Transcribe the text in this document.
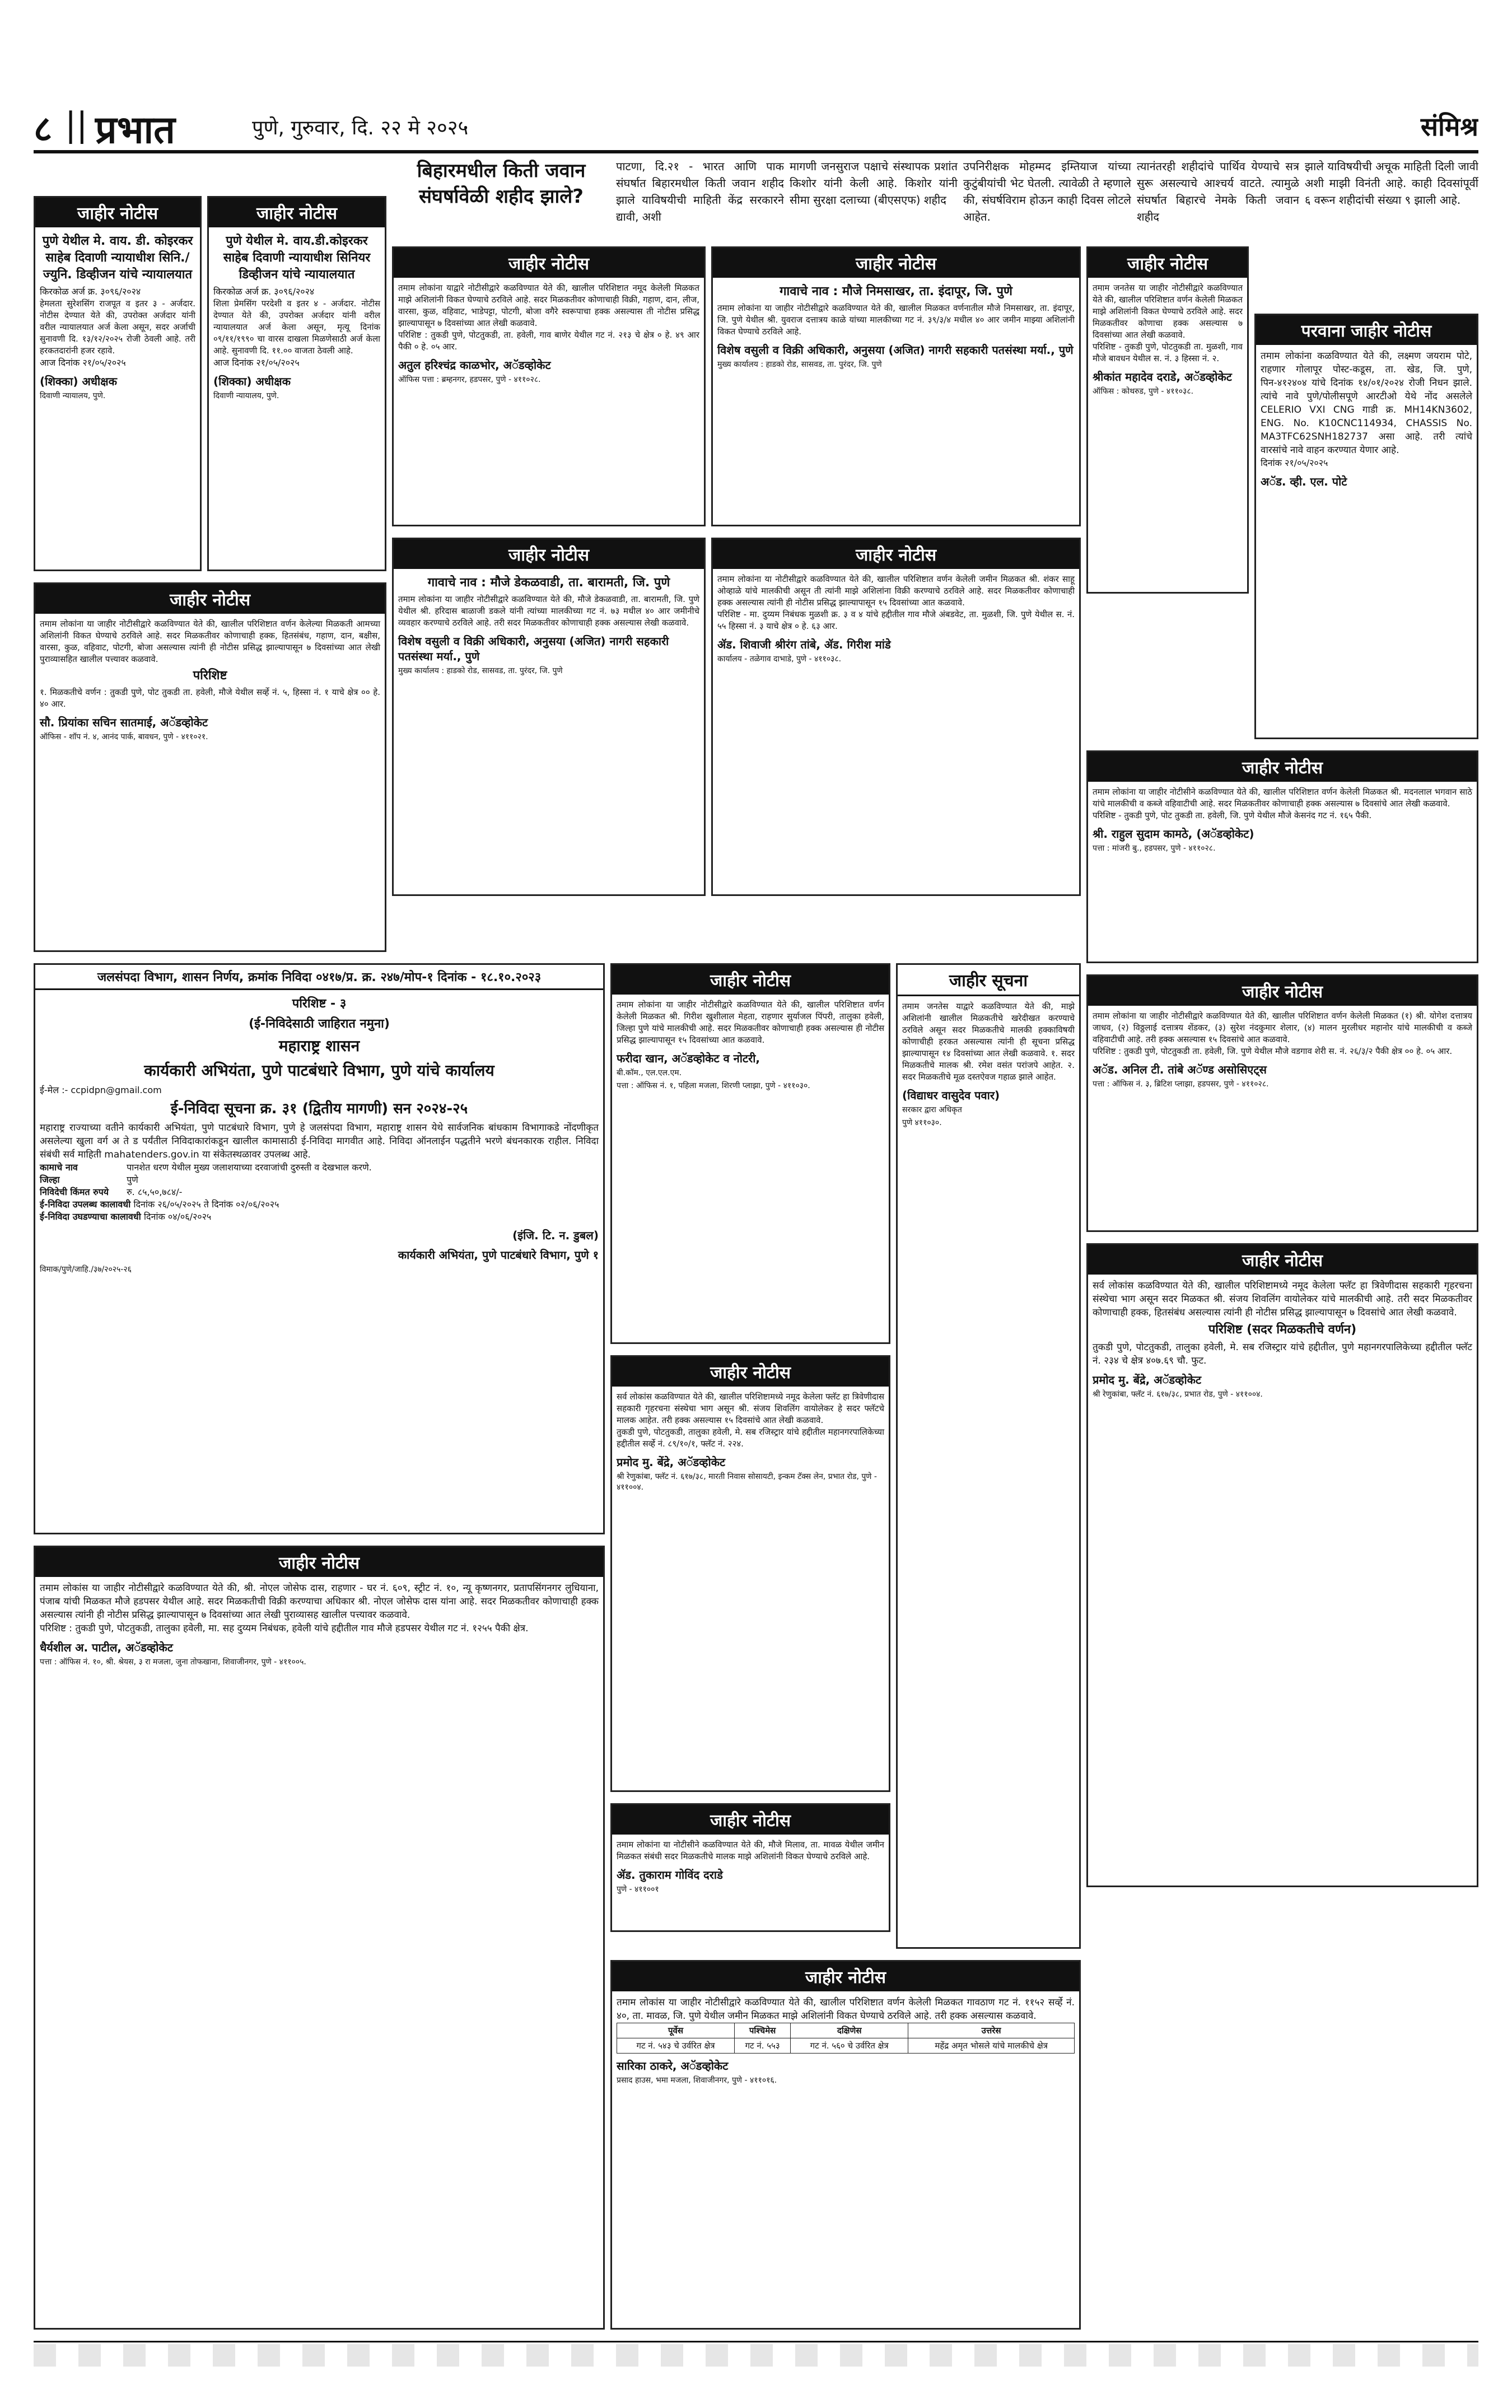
८ || प्रभात	पुणे, गुरुवार, दि. २२ मे २०२५	संमिश्र
बिहारमधील किती जवान संघर्षावेळी शहीद झाले?
पाटणा, दि.२१ - भारत आणि पाक संघर्षात बिहारमधील किती जवान शहीद झाले याविषयीची माहिती केंद्र सरकारने द्यावी, अशी
मागणी जनसुराज पक्षाचे संस्थापक प्रशांत किशोर यांनी केली आहे. किशोर यांनी सीमा सुरक्षा दलाच्या (बीएसएफ) शहीद
उपनिरीक्षक मोहम्मद इम्तियाज यांच्या कुटुंबीयांची भेट घेतली. त्यावेळी ते म्हणाले की, संघर्षविराम होऊन काही दिवस लोटले आहेत.
त्यानंतरही शहीदांचे पार्थिव येण्याचे सत्र सुरू असल्याचे आश्चर्य वाटते. त्यामुळे संघर्षात बिहारचे नेमके किती जवान शहीद
झाले याविषयीची अचूक माहिती दिली जावी अशी माझी विनंती आहे. काही दिवसांपूर्वी ६ वरून शहीदांची संख्या ९ झाली आहे.
जाहीर नोटीस
पुणे येथील मे. वाय. डी. कोइरकर साहेब दिवाणी न्यायाधीश सिनि./ ज्युनि. डिव्हीजन यांचे न्यायालयात
किरकोळ अर्ज क्र. ३०९६/२०२४
हेमलता सुरेशसिंग राजपूत व इतर ३ - अर्जदार. नोटीस देण्यात येते की, उपरोक्त अर्जदार यांनी वरील न्यायालयात अर्ज केला असून, सदर अर्जाची सुनावणी दि. १३/१२/२०२५ रोजी ठेवली आहे. तरी हरकतदारांनी हजर रहावे.
आज दिनांक २१/०५/२०२५
(शिक्का) अधीक्षक
दिवाणी न्यायालय, पुणे.
जाहीर नोटीस
पुणे येथील मे. वाय.डी.कोइरकर साहेब दिवाणी न्यायाधीश सिनियर डिव्हीजन यांचे न्यायालयात
किरकोळ अर्ज क्र. ३०९६/२०२४
शिला प्रेमसिंग परदेशी व इतर ४ - अर्जदार. नोटीस देण्यात येते की, उपरोक्त अर्जदार यांनी वरील न्यायालयात अर्ज केला असून, मृत्यू दिनांक ०९/११/१९९० चा वारस दाखला मिळणेसाठी अर्ज केला आहे. सुनावणी दि. ११.०० वाजता ठेवली आहे.
आज दिनांक २१/०५/२०२५
(शिक्का) अधीक्षक
दिवाणी न्यायालय, पुणे.
जाहीर नोटीस
तमाम लोकांना या जाहीर नोटीसीद्वारे कळविण्यात येते की, खालील परिशिष्टात वर्णन केलेल्या मिळकती आमच्या अशिलांनी विकत घेण्याचे ठरविले आहे. सदर मिळकतीवर कोणाचाही हक्क, हितसंबंध, गहाण, दान, बक्षीस, वारसा, कुळ, वहिवाट, पोटगी, बोजा असल्यास त्यांनी ही नोटीस प्रसिद्ध झाल्यापासून ७ दिवसांच्या आत लेखी पुराव्यासहित खालील पत्त्यावर कळवावे.
परिशिष्ट
१. मिळकतीचे वर्णन : तुकडी पुणे, पोट तुकडी ता. हवेली, मौजे येथील सर्व्हे नं. ५, हिस्सा नं. १ याचे क्षेत्र ०० हे. ४० आर.
सौ. प्रियांका सचिन सातमाई, अॅडव्होकेट
ऑफिस - शॉप नं. ४, आनंद पार्क, बावधन, पुणे - ४११०२१.
जाहीर नोटीस
तमाम लोकांना याद्वारे नोटीसीद्वारे कळविण्यात येते की, खालील परिशिष्टात नमूद केलेली मिळकत माझे अशिलांनी विकत घेण्याचे ठरविले आहे. सदर मिळकतीवर कोणाचाही विक्री, गहाण, दान, लीज, वारसा, कुळ, वहिवाट, भाडेपट्टा, पोटगी, बोजा वगैरे स्वरूपाचा हक्क असल्यास ती नोटीस प्रसिद्ध झाल्यापासून ७ दिवसांच्या आत लेखी कळवावे.
परिशिष्ट : तुकडी पुणे, पोटतुकडी, ता. हवेली, गाव बाणेर येथील गट नं. २१३ चे क्षेत्र ० हे. ४९ आर पैकी ० हे. ०५ आर.
अतुल हरिश्चंद्र काळभोर, अॅडव्होकेट
ऑफिस पत्ता : ब्रम्हनगर, हडपसर, पुणे - ४११०२८.
जाहीर नोटीस
गावाचे नाव : मौजे निमसाखर, ता. इंदापूर, जि. पुणे
तमाम लोकांना या जाहीर नोटीसीद्वारे कळविण्यात येते की, खालील मिळकत वर्णनातील मौजे निमसाखर, ता. इंदापूर, जि. पुणे येथील श्री. युवराज दत्तात्रय काळे यांच्या मालकीच्या गट नं. ३९/३/४ मधील ४० आर जमीन माझ्या अशिलांनी विकत घेण्याचे ठरविले आहे.
विशेष वसुली व विक्री अधिकारी, अनुसया (अजित) नागरी सहकारी पतसंस्था मर्या., पुणे
मुख्य कार्यालय : हाडको रोड, सासवड, ता. पुरंदर, जि. पुणे
जाहीर नोटीस
तमाम जनतेस या जाहीर नोटीसीद्वारे कळविण्यात येते की, खालील परिशिष्टात वर्णन केलेली मिळकत माझे अशिलांनी विकत घेण्याचे ठरविले आहे. सदर मिळकतीवर कोणाचा हक्क असल्यास ७ दिवसांच्या आत लेखी कळवावे.
परिशिष्ट - तुकडी पुणे, पोटतुकडी ता. मुळशी, गाव मौजे बावधन येथील स. नं. ३ हिस्सा नं. २.
श्रीकांत महादेव दराडे, अॅडव्होकेट
ऑफिस : कोथरुड, पुणे - ४११०३८.
परवाना जाहीर नोटीस
तमाम लोकांना कळविण्यात येते की, लक्ष्मण जयराम पोटे, राहणार गोलापूर पोस्ट-कडूस, ता. खेड, जि. पुणे, पिन-४१२४०४ यांचे दिनांक १४/०१/२०२४ रोजी निधन झाले. त्यांचे नावे पुणे/पोलीसपूणे आरटीओ येथे नोंद असलेले CELERIO VXI CNG गाडी क्र. MH14KN3602, ENG. No. K10CNC114934, CHASSIS No. MA3TFC62SNH182737 असा आहे. तरी त्यांचे वारसांचे नावे वाहन करण्यात येणार आहे.
दिनांक २१/०५/२०२५
अॅड. व्ही. एल. पोटे
जाहीर नोटीस
गावाचे नाव : मौजे डेकळवाडी, ता. बारामती, जि. पुणे
तमाम लोकांना या जाहीर नोटीसीद्वारे कळविण्यात येते की, मौजे डेकळवाडी, ता. बारामती, जि. पुणे येथील श्री. हरिदास बाळाजी डकले यांनी त्यांच्या मालकीच्या गट नं. ७३ मधील ४० आर जमीनीचे व्यवहार करण्याचे ठरविले आहे. तरी सदर मिळकतीवर कोणाचाही हक्क असल्यास लेखी कळवावे.
विशेष वसुली व विक्री अधिकारी, अनुसया (अजित) नागरी सहकारी पतसंस्था मर्या., पुणे
मुख्य कार्यालय : हाडको रोड, सासवड, ता. पुरंदर, जि. पुणे
जाहीर नोटीस
तमाम लोकांना या नोटीसीद्वारे कळविण्यात येते की, खालील परिशिष्टात वर्णन केलेली जमीन मिळकत श्री. शंकर साहू ओव्हाळे यांचे मालकीची असून ती त्यांनी माझे अशिलांना विक्री करण्याचे ठरविले आहे. सदर मिळकतीवर कोणाचाही हक्क असल्यास त्यांनी ही नोटीस प्रसिद्ध झाल्यापासून १५ दिवसांच्या आत कळवावे.
परिशिष्ट - मा. दुय्यम निबंधक मुळशी क्र. ३ व ४ यांचे हद्दीतील गाव मौजे अंबडवेट, ता. मुळशी, जि. पुणे येथील स. नं. ५५ हिस्सा नं. ३ याचे क्षेत्र ० हे. ६३ आर.
ॲड. शिवाजी श्रीरंग तांबे, ॲड. गिरीश मांडे
कार्यालय - तळेगाव दाभाडे, पुणे - ४११०३८.
जाहीर नोटीस
तमाम लोकांना या जाहीर नोटीसीने कळविण्यात येते की, खालील परिशिष्टात वर्णन केलेली मिळकत श्री. मदनलाल भगवान साठे यांचे मालकीची व कब्जे वहिवाटीची आहे. सदर मिळकतीवर कोणाचाही हक्क असल्यास ७ दिवसांचे आत लेखी कळवावे.
परिशिष्ट - तुकडी पुणे, पोट तुकडी ता. हवेली, जि. पुणे येथील मौजे केसनंद गट नं. १६५ पैकी.
श्री. राहुल सुदाम कामठे, (अॅडव्होकेट)
पत्ता : मांजरी बु., हडपसर, पुणे - ४११०२८.
जलसंपदा विभाग, शासन निर्णय, क्रमांक निविदा ०४१७/प्र. क्र. २४७/मोप-१ दिनांक - १८.१०.२०२३
परिशिष्ट - ३
(ई-निविदेसाठी जाहिरात नमुना)
महाराष्ट्र शासन
कार्यकारी अभियंता, पुणे पाटबंधारे विभाग, पुणे यांचे कार्यालय
ई-मेल :- ccpidpn@gmail.com
ई-निविदा सूचना क्र. ३१ (द्वितीय मागणी) सन २०२४-२५
महाराष्ट्र राज्याच्या वतीने कार्यकारी अभियंता, पुणे पाटबंधारे विभाग, पुणे हे जलसंपदा विभाग, महाराष्ट्र शासन येथे सार्वजनिक बांधकाम विभागाकडे नोंदणीकृत असलेल्या खुला वर्ग अ ते ड पर्यंतील निविदाकारांकडून खालील कामासाठी ई-निविदा मागवीत आहे. निविदा ऑनलाईन पद्धतीने भरणे बंधनकारक राहील. निविदा संबंधी सर्व माहिती mahatenders.gov.in या संकेतस्थळावर उपलब्ध आहे.
कामाचे नाव	पानशेत धरण येथील मुख्य जलाशयाच्या दरवाजांची दुरुस्ती व देखभाल करणे.
जिल्हा	पुणे
निविदेची किंमत रुपये रु. ८५,५०,७८४/-
ई-निविदा उपलब्ध कालावधी दिनांक २६/०५/२०२५ ते दिनांक ०२/०६/२०२५
ई-निविदा उघडण्याचा कालावधी दिनांक ०४/०६/२०२५
(इंजि. टि. न. डुबल)
कार्यकारी अभियंता, पुणे पाटबंधारे विभाग, पुणे १
विमाक/पुणे/जाहि./३७/२०२५-२६
जाहीर नोटीस
तमाम लोकांना या जाहीर नोटीसीद्वारे कळविण्यात येते की, खालील परिशिष्टात वर्णन केलेली मिळकत श्री. गिरीश खुशीलाल मेहता, राहणार सुर्याजल पिंपरी, तालुका हवेली, जिल्हा पुणे यांचे मालकीची आहे. सदर मिळकतीवर कोणाचाही हक्क असल्यास ही नोटीस प्रसिद्ध झाल्यापासून १५ दिवसांच्या आत कळवावे.
फरीदा खान, अॅडव्होकेट व नोटरी,
बी.कॉम., एल.एल.एम.
पत्ता : ऑफिस नं. १, पहिला मजला, शिरणी प्लाझा, पुणे - ४११०३०.
जाहीर सूचना
तमाम जनतेस याद्वारे कळविण्यात येते की, माझे अशिलांनी खालील मिळकतीचे खरेदीखत करण्याचे ठरविले असून सदर मिळकतीचे मालकी हक्काविषयी कोणाचीही हरकत असल्यास त्यांनी ही सूचना प्रसिद्ध झाल्यापासून १४ दिवसांच्या आत लेखी कळवावे. १. सदर मिळकतीचे मालक श्री. रमेश वसंत परांजपे आहेत. २. सदर मिळकतीचे मूळ दस्तऐवज गहाळ झाले आहेत.
(विद्याधर वासुदेव पवार)
सरकार द्वारा अधिकृत
पुणे ४११०३०.
जाहीर नोटीस
तमाम लोकांना या जाहीर नोटीसीद्वारे कळविण्यात येते की, खालील परिशिष्टात वर्णन केलेली मिळकत (१) श्री. योगेश दत्तात्रय जाधव, (२) विठ्ठलाई दत्तात्रय शेंडकर, (३) सुरेश नंदकुमार शेलार, (४) मालन मुरलीधर महानोर यांचे मालकीची व कब्जे वहिवाटीची आहे. तरी हक्क असल्यास १५ दिवसांचे आत कळवावे.
परिशिष्ट : तुकडी पुणे, पोटतुकडी ता. हवेली, जि. पुणे येथील मौजे वडगाव शेरी स. नं. २६/३/२ पैकी क्षेत्र ०० हे. ०५ आर.
अॅड. अनिल टी. तांबे अॅण्ड असोसिएट्स
पत्ता : ऑफिस नं. ३, ब्रिटिश प्लाझा, हडपसर, पुणे - ४११०२८.
जाहीर नोटीस
सर्व लोकांस कळविण्यात येते की, खालील परिशिष्टामध्ये नमूद केलेला फ्लॅट हा त्रिवेणीदास सहकारी गृहरचना संस्थेचा भाग असून श्री. संजय शिवलिंग वायोलेकर हे सदर फ्लॅटचे मालक आहेत. तरी हक्क असल्यास १५ दिवसांचे आत लेखी कळवावे.
तुकडी पुणे, पोटतुकडी, तालुका हवेली, मे. सब रजिस्ट्रार यांचे हद्दीतील महानगरपालिकेच्या हद्दीतील सर्व्हे नं. ८९/१०/१, फ्लॅट नं. २२४.
प्रमोद मु. बेंद्रे, अॅडव्होकेट
श्री रेणुकांबा, फ्लॅट नं. ६१७/३८, मारती निवास सोसायटी, इन्कम टॅक्स लेन, प्रभात रोड, पुणे - ४११००४.
जाहीर नोटीस
सर्व लोकांस कळविण्यात येते की, खालील परिशिष्टामध्ये नमूद केलेला फ्लॅट हा त्रिवेणीदास सहकारी गृहरचना संस्थेचा भाग असून सदर मिळकत श्री. संजय शिवलिंग वायोलेकर यांचे मालकीची आहे. तरी सदर मिळकतीवर कोणाचाही हक्क, हितसंबंध असल्यास त्यांनी ही नोटीस प्रसिद्ध झाल्यापासून ७ दिवसांचे आत लेखी कळवावे.
परिशिष्ट (सदर मिळकतीचे वर्णन)
तुकडी पुणे, पोटतुकडी, तालुका हवेली, मे. सब रजिस्ट्रार यांचे हद्दीतील, पुणे महानगरपालिकेच्या हद्दीतील फ्लॅट नं. २३४ चे क्षेत्र ४०७.६९ चौ. फुट.
प्रमोद मु. बेंद्रे, अॅडव्होकेट
श्री रेणुकांबा, फ्लॅट नं. ६१७/३८, प्रभात रोड, पुणे - ४११००४.
जाहीर नोटीस
तमाम लोकांस या जाहीर नोटीसीद्वारे कळविण्यात येते की, श्री. नोएल जोसेफ दास, राहणार - घर नं. ६०९, स्ट्रीट नं. १०, न्यू कृष्णनगर, प्रतापसिंगनगर लुधियाना, पंजाब यांची मिळकत मौजे हडपसर येथील आहे. सदर मिळकतीची विक्री करण्याचा अधिकार श्री. नोएल जोसेफ दास यांना आहे. सदर मिळकतीवर कोणाचाही हक्क असल्यास त्यांनी ही नोटीस प्रसिद्ध झाल्यापासून ७ दिवसांच्या आत लेखी पुराव्यासह खालील पत्त्यावर कळवावे.
परिशिष्ट : तुकडी पुणे, पोटतुकडी, तालुका हवेली, मा. सह दुय्यम निबंधक, हवेली यांचे हद्दीतील गाव मौजे हडपसर येथील गट नं. १२५५ पैकी क्षेत्र.
धैर्यशील अ. पाटील, अॅडव्होकेट
पत्ता : ऑफिस नं. १०, श्री. श्रेयस, ३ रा मजला, जुना तोफखाना, शिवाजीनगर, पुणे - ४११००५.
जाहीर नोटीस
तमाम लोकांना या नोटीसीने कळविण्यात येते की, मौजे मिलाव, ता. मावळ येथील जमीन मिळकत संबंधी सदर मिळकतीचे मालक माझे अशिलांनी विकत घेण्याचे ठरविले आहे.
ॲड. तुकाराम गोविंद दराडे
पुणे - ४११००१
जाहीर नोटीस
तमाम लोकांस या जाहीर नोटीसीद्वारे कळविण्यात येते की, खालील परिशिष्टात वर्णन केलेली मिळकत गावठाण गट नं. ११५२ सर्व्हे नं. ४०, ता. मावळ, जि. पुणे येथील जमीन मिळकत माझे अशिलांनी विकत घेण्याचे ठरविले आहे. तरी हक्क असल्यास कळवावे.
पूर्वेस	पश्चिमेस	दक्षिणेस	उत्तरेस
गट नं. ५४३ चे उर्वरित क्षेत्र	गट नं. ५५३	गट नं. ५६० चे उर्वरित क्षेत्र	महेंद्र अमृत भोसले यांचे मालकीचे क्षेत्र
सारिका ठाकरे, अॅडव्होकेट
प्रसाद हाउस, भमा मजला, शिवाजीनगर, पुणे - ४११०१६.
